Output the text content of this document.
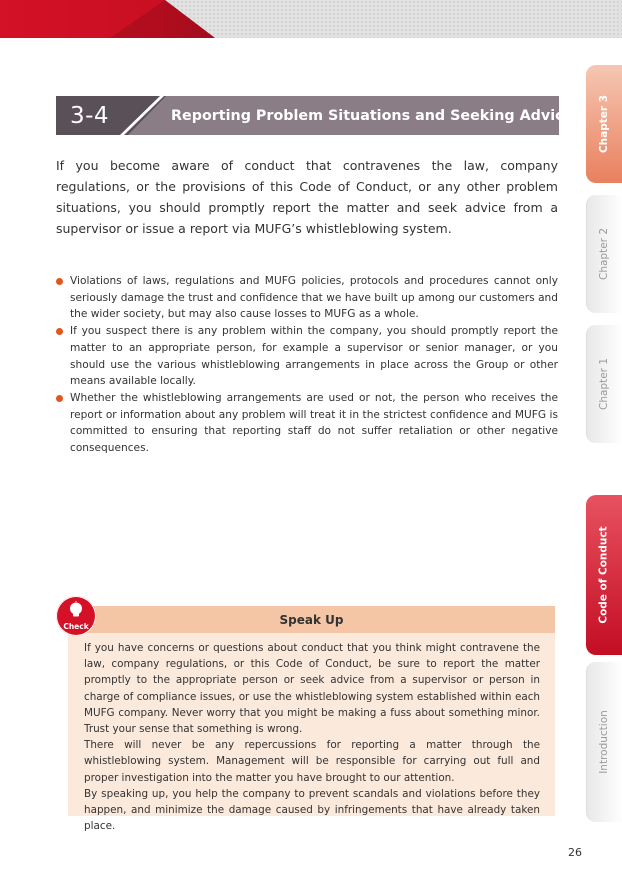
3-4	Reporting Problem Situations and Seeking Advice

If you become aware of conduct that contravenes the law, company regulations, or the provisions of this Code of Conduct, or any other problem situations, you should promptly report the matter and seek advice from a supervisor or issue a report via MUFG’s whistleblowing system.

Violations of laws, regulations and MUFG policies, protocols and procedures cannot only seriously damage the trust and confidence that we have built up among our customers and the wider society, but may also cause losses to MUFG as a whole.
If you suspect there is any problem within the company, you should promptly report the matter to an appropriate person, for example a supervisor or senior manager, or you should use the various whistleblowing arrangements in place across the Group or other means available locally.
Whether the whistleblowing arrangements are used or not, the person who receives the report or information about any problem will treat it in the strictest confidence and MUFG is committed to ensuring that reporting staff do not suffer retaliation or other negative consequences.
Speak Up

If you have concerns or questions about conduct that you think might contravene the law, company regulations, or this Code of Conduct, be sure to report the matter promptly to the appropriate person or seek advice from a supervisor or person in charge of compliance issues, or use the whistleblowing system established within each MUFG company. Never worry that you might be making a fuss about something minor. Trust your sense that something is wrong.

There will never be any repercussions for reporting a matter through the whistleblowing system. Management will be responsible for carrying out full and proper investigation into the matter you have brought to our attention.

By speaking up, you help the company to prevent scandals and violations before they happen, and minimize the damage caused by infringements that have already taken place.

Check
Chapter 3
Chapter 2
Chapter 1
Code of Conduct
Introduction
26
